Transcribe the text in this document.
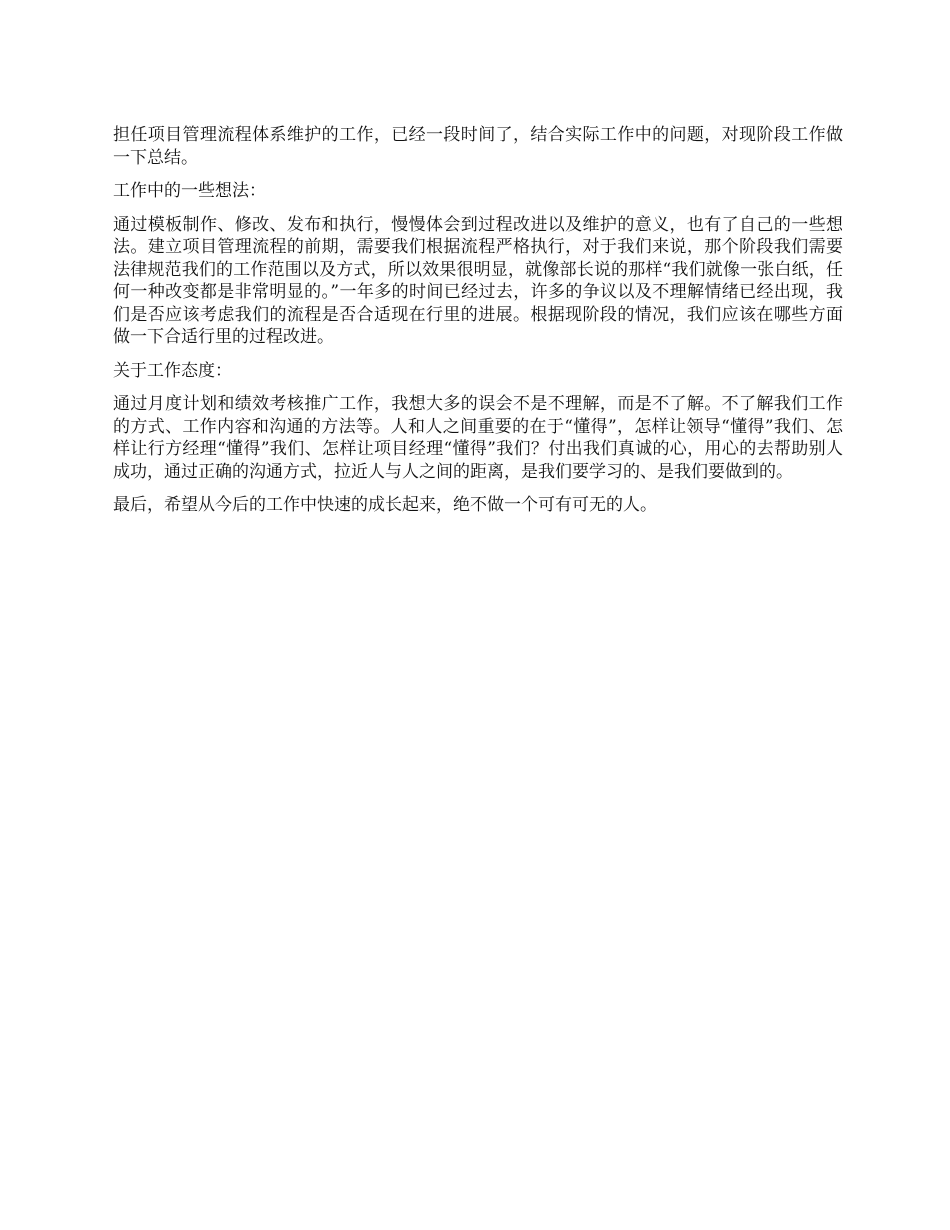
担任项目管理流程体系维护的工作，已经一段时间了，结合实际工作中的问题，对现阶段工作做一下总结。

工作中的一些想法：

通过模板制作、修改、发布和执行，慢慢体会到过程改进以及维护的意义，也有了自己的一些想法。建立项目管理流程的前期，需要我们根据流程严格执行，对于我们来说，那个阶段我们需要法律规范我们的工作范围以及方式，所以效果很明显，就像部长说的那样“我们就像一张白纸，任何一种改变都是非常明显的。”一年多的时间已经过去，许多的争议以及不理解情绪已经出现，我们是否应该考虑我们的流程是否合适现在行里的进展。根据现阶段的情况，我们应该在哪些方面做一下合适行里的过程改进。

关于工作态度：

通过月度计划和绩效考核推广工作，我想大多的误会不是不理解，而是不了解。不了解我们工作的方式、工作内容和沟通的方法等。人和人之间重要的在于“懂得”，怎样让领导“懂得”我们、怎样让行方经理“懂得”我们、怎样让项目经理“懂得”我们？付出我们真诚的心，用心的去帮助别人成功，通过正确的沟通方式，拉近人与人之间的距离，是我们要学习的、是我们要做到的。

最后，希望从今后的工作中快速的成长起来，绝不做一个可有可无的人。
